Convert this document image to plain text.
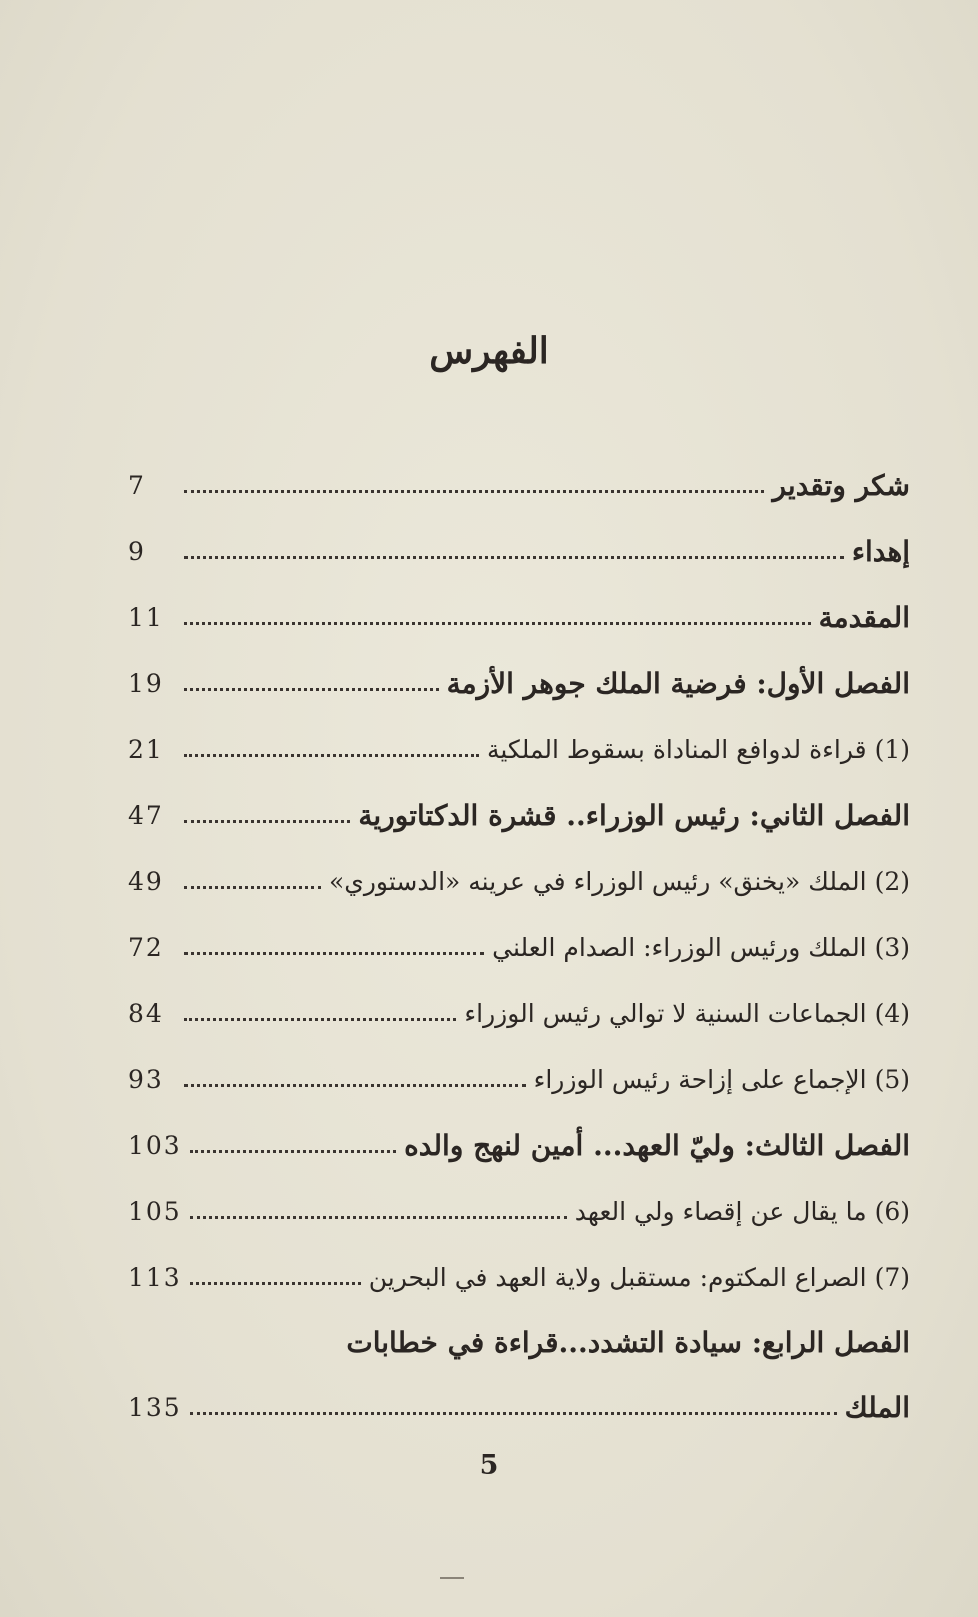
الفهرس
شكر وتقدير
7
إهداء
9
المقدمة
11
الفصل الأول: فرضية الملك جوهر الأزمة
19
(1) قراءة لدوافع المناداة بسقوط الملكية
21
الفصل الثاني: رئيس الوزراء.. قشرة الدكتاتورية
47
(2) الملك «يخنق» رئيس الوزراء في عرينه «الدستوري»
49
(3) الملك ورئيس الوزراء: الصدام العلني
72
(4) الجماعات السنية لا توالي رئيس الوزراء
84
(5) الإجماع على إزاحة رئيس الوزراء
93
الفصل الثالث: وليّ العهد... أمين لنهج والده
103
(6) ما يقال عن إقصاء ولي العهد
105
(7) الصراع المكتوم: مستقبل ولاية العهد في البحرين
113
الفصل الرابع: سيادة التشدد...قراءة في خطابات
الملك
135
5
